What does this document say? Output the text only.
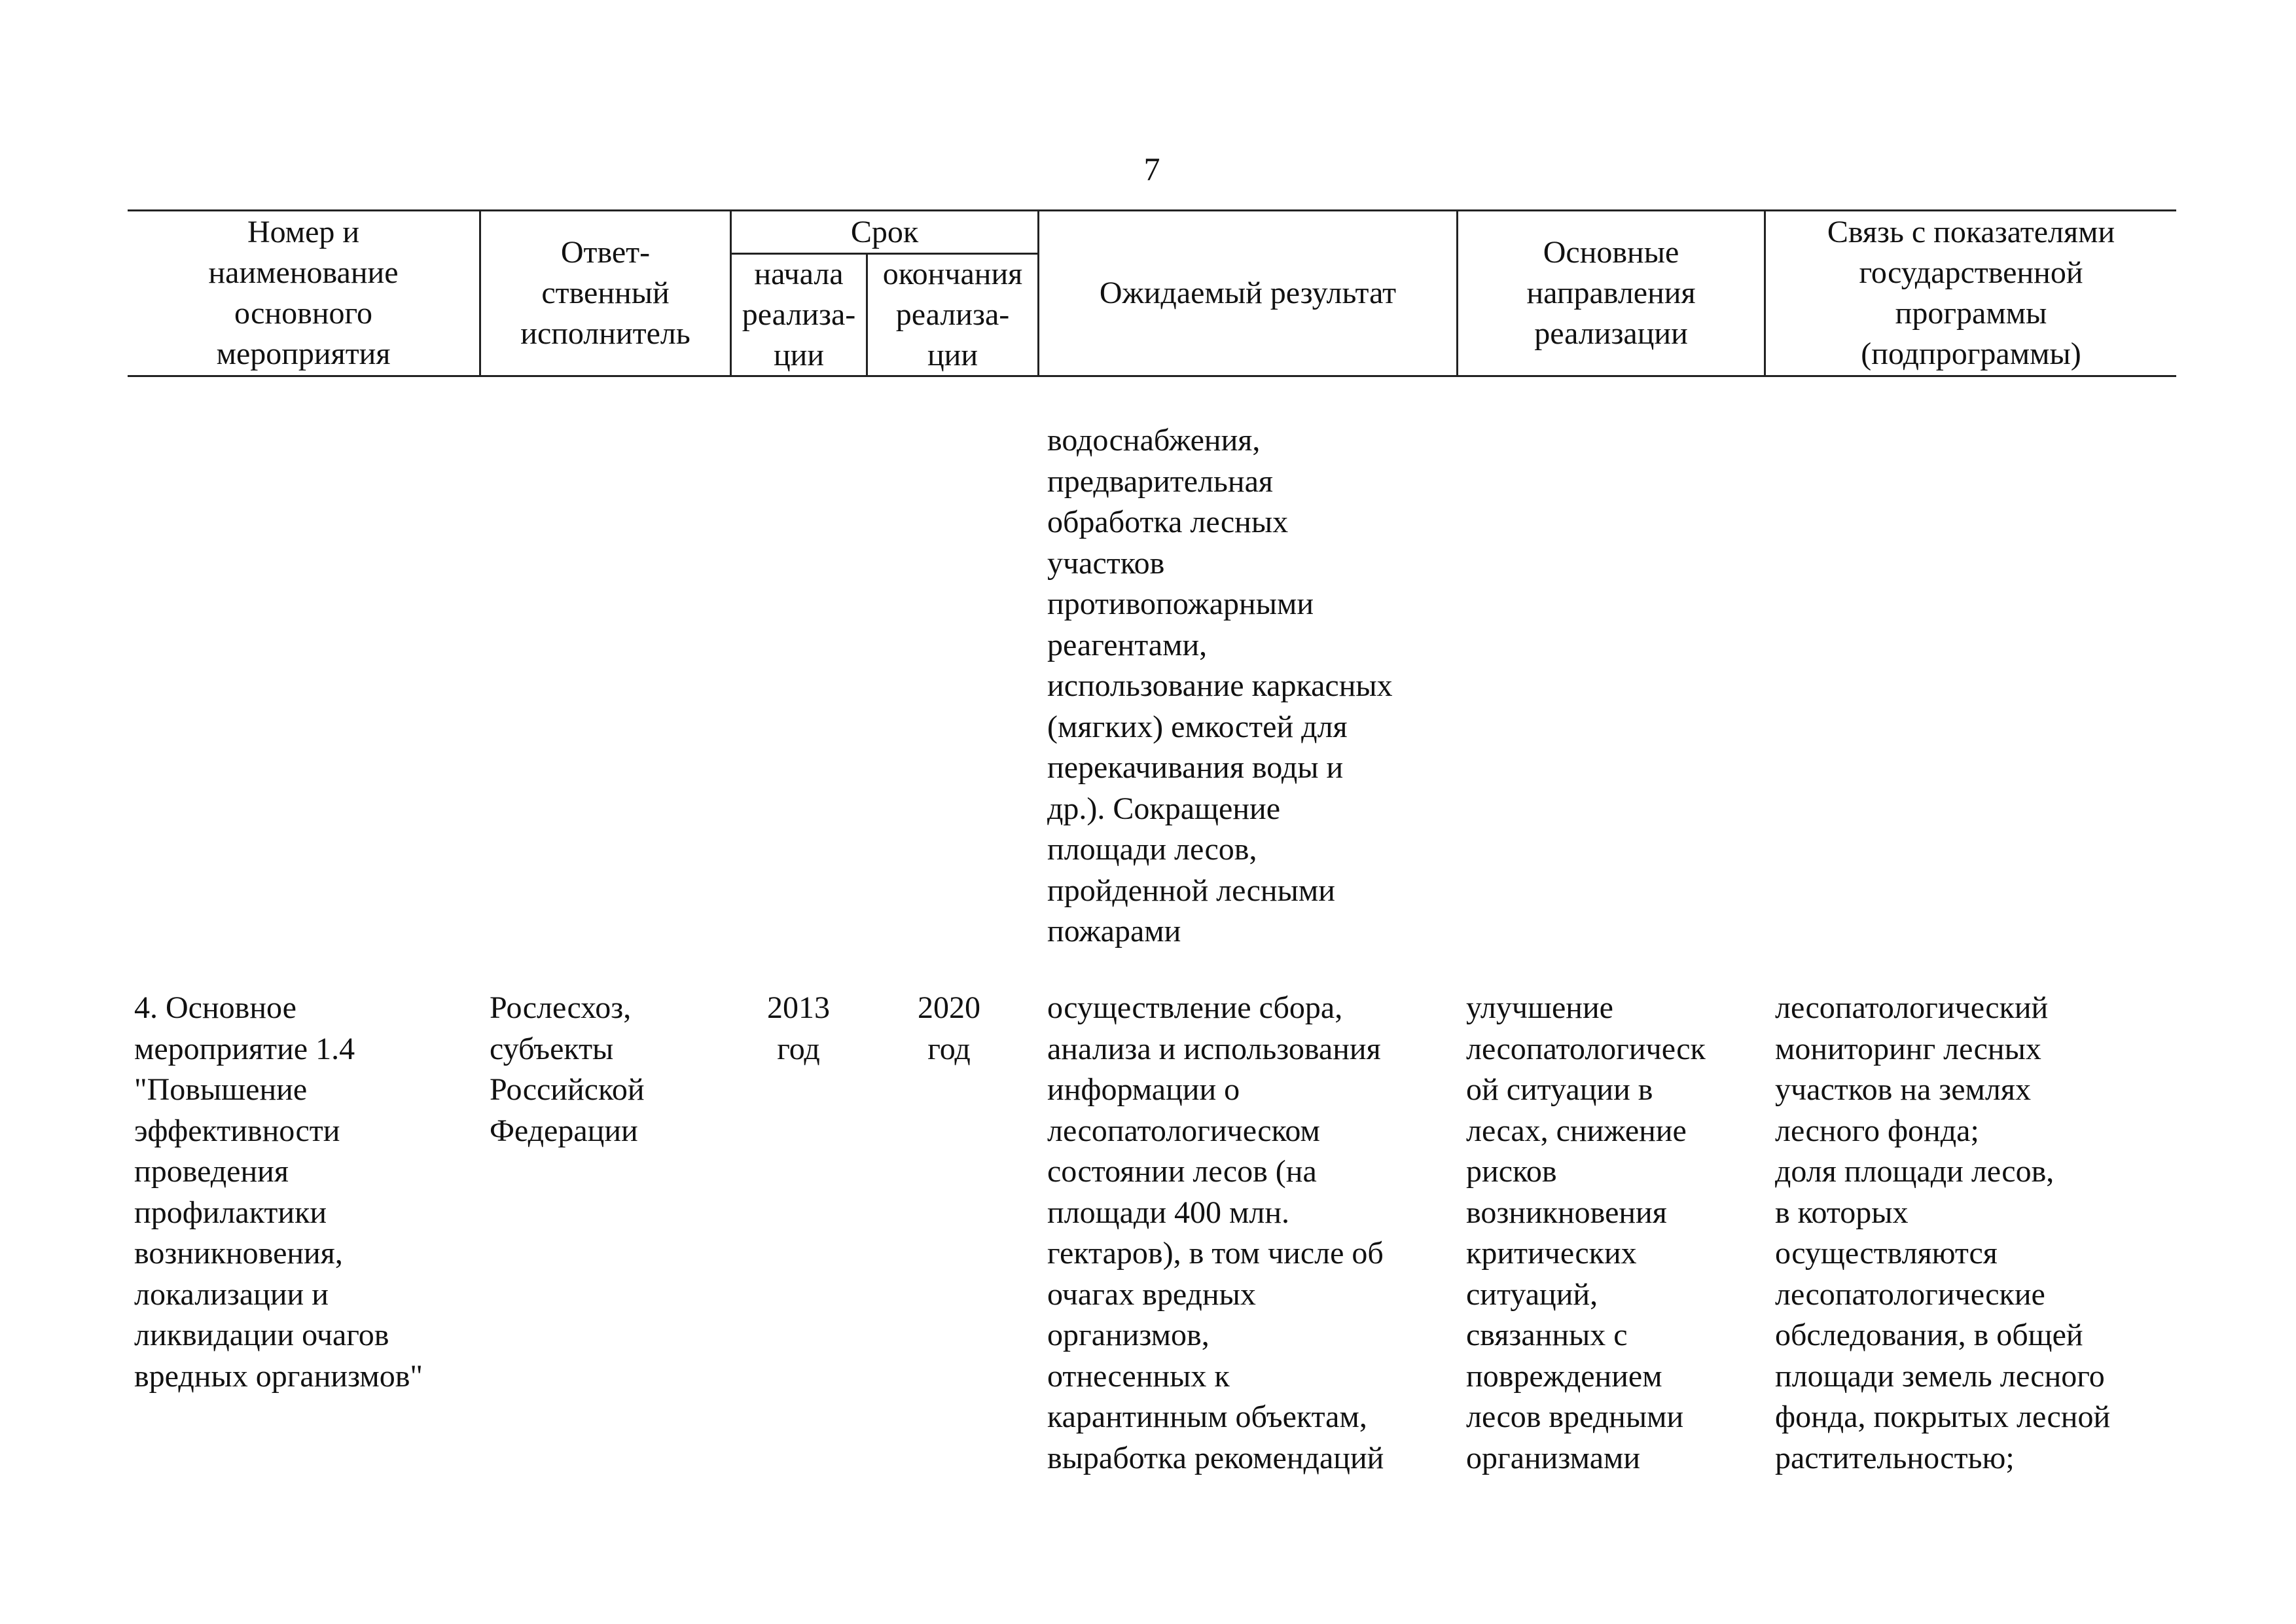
7
Номер и
наименование
основного
мероприятия
Ответ-
ственный
исполнитель
Срок
начала
реализа-
ции
окончания
реализа-
ции
Ожидаемый результат
Основные
направления
реализации
Связь с показателями
государственной
программы
(подпрограммы)
водоснабжения,
предварительная
обработка лесных
участков
противопожарными
реагентами,
использование каркасных
(мягких) емкостей для
перекачивания воды и
др.). Сокращение
площади лесов,
пройденной лесными
пожарами
4. Основное
мероприятие 1.4
"Повышение
эффективности
проведения
профилактики
возникновения,
локализации и
ликвидации очагов
вредных организмов"
Рослесхоз,
субъекты
Российской
Федерации
2013
год
2020
год
осуществление сбора,
анализа и использования
информации о
лесопатологическом
состоянии лесов (на
площади 400 млн.
гектаров), в том числе об
очагах вредных
организмов,
отнесенных к
карантинным объектам,
выработка рекомендаций
улучшение
лесопатологическ
ой ситуации в
лесах, снижение
рисков
возникновения
критических
ситуаций,
связанных с
повреждением
лесов вредными
организмами
лесопатологический
мониторинг лесных
участков на землях
лесного фонда;
доля площади лесов,
в которых
осуществляются
лесопатологические
обследования, в общей
площади земель лесного
фонда, покрытых лесной
растительностью;
